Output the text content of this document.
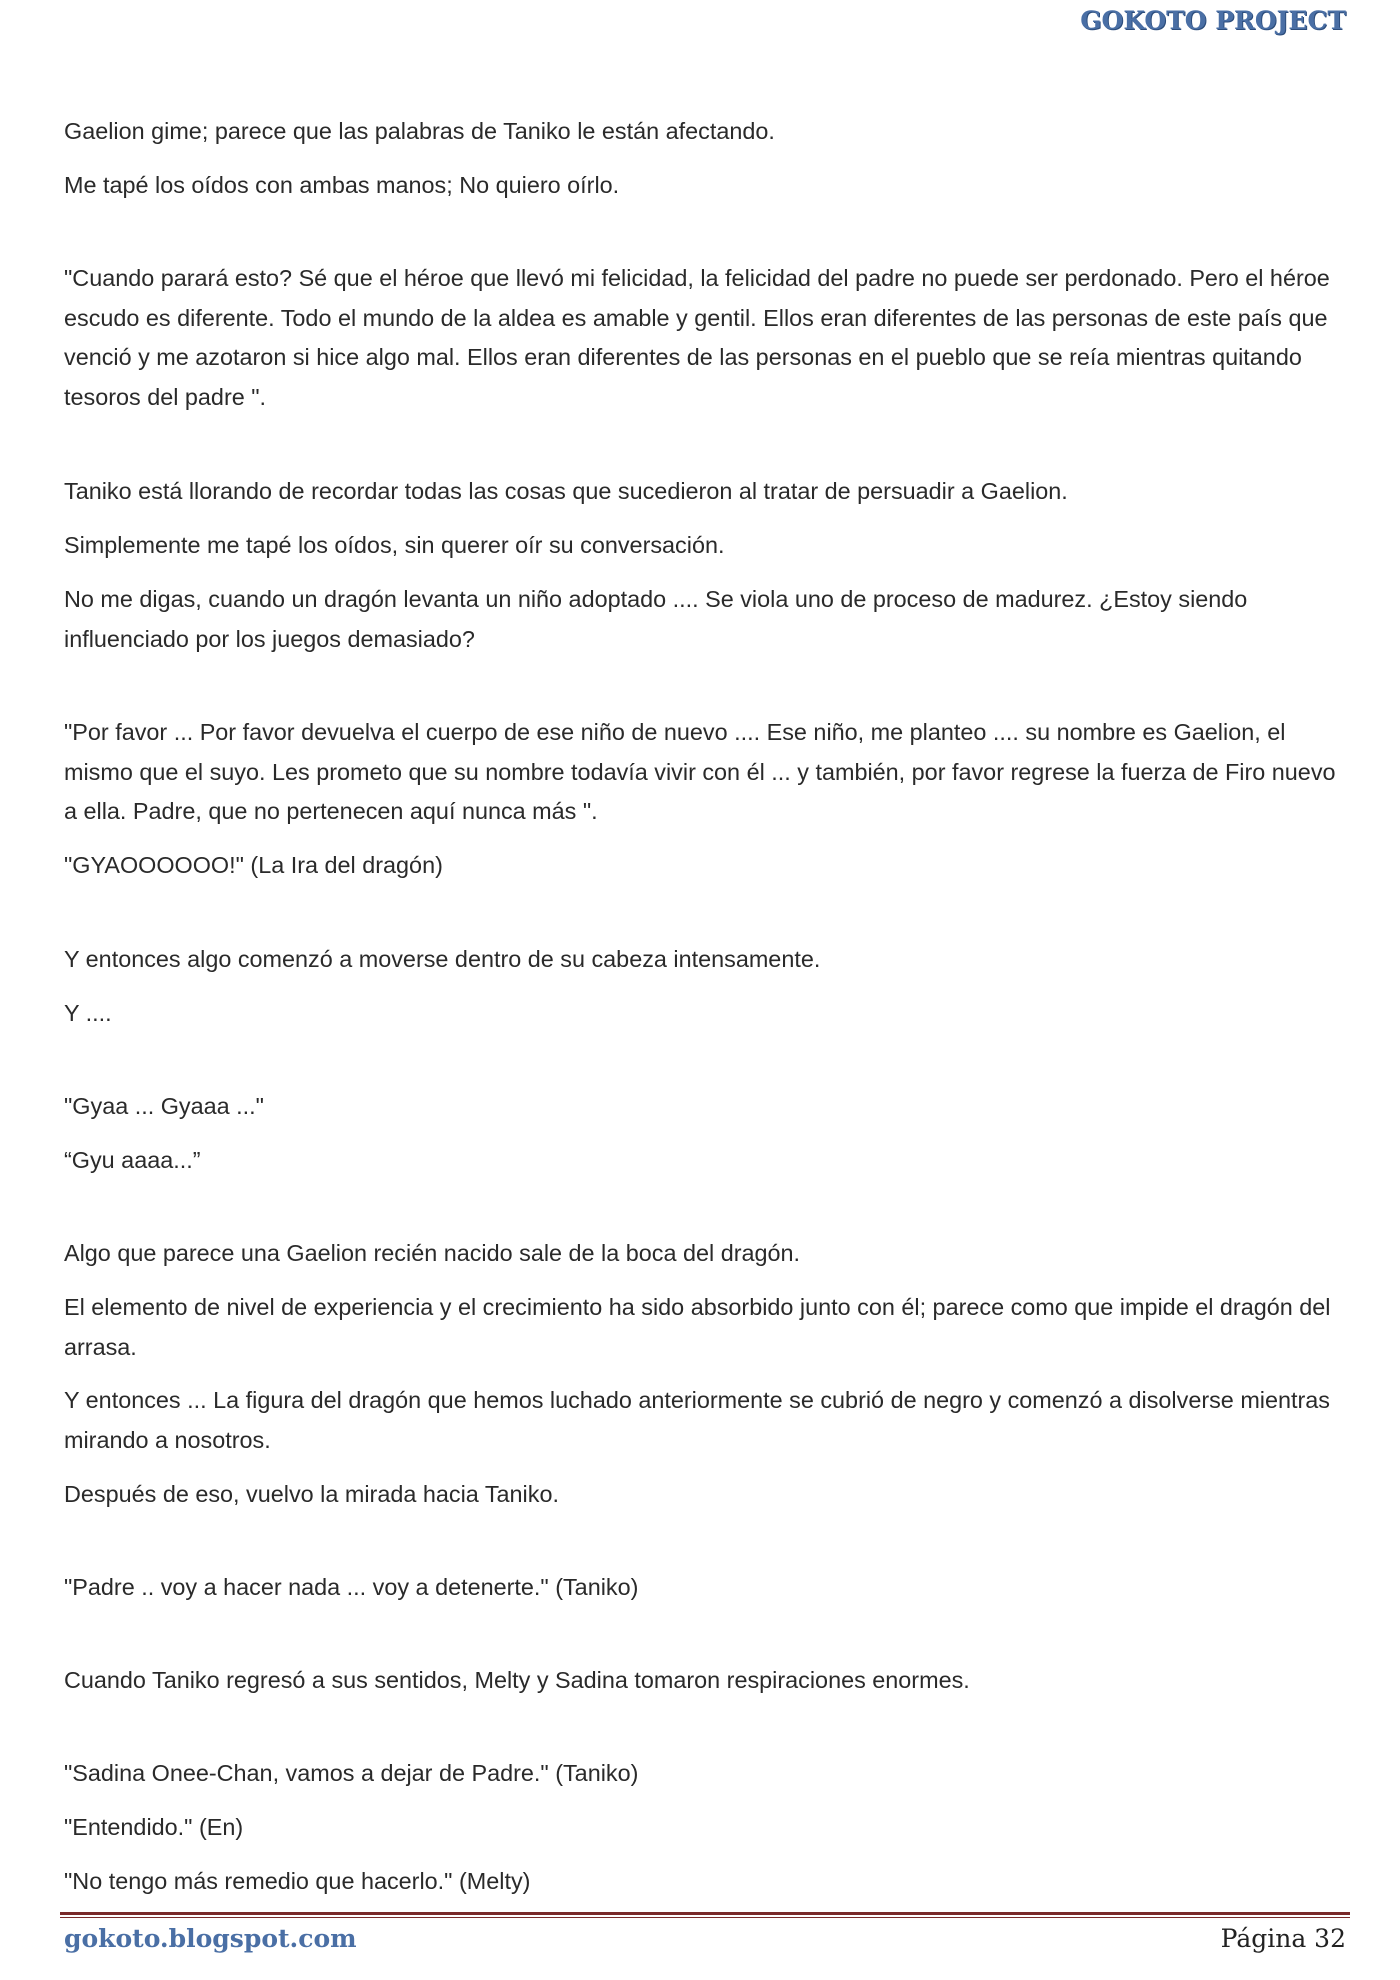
GOKOTO PROJECT

Gaelion gime; parece que las palabras de Taniko le están afectando.

Me tapé los oídos con ambas manos; No quiero oírlo.

"Cuando parará esto? Sé que el héroe que llevó mi felicidad, la felicidad del padre no puede ser perdonado. Pero el héroe escudo es diferente. Todo el mundo de la aldea es amable y gentil. Ellos eran diferentes de las personas de este país que venció y me azotaron si hice algo mal. Ellos eran diferentes de las personas en el pueblo que se reía mientras quitando tesoros del padre ".

Taniko está llorando de recordar todas las cosas que sucedieron al tratar de persuadir a Gaelion.

Simplemente me tapé los oídos, sin querer oír su conversación.

No me digas, cuando un dragón levanta un niño adoptado .... Se viola uno de proceso de madurez. ¿Estoy siendo influenciado por los juegos demasiado?

"Por favor ... Por favor devuelva el cuerpo de ese niño de nuevo .... Ese niño, me planteo .... su nombre es Gaelion, el mismo que el suyo. Les prometo que su nombre todavía vivir con él ... y también, por favor regrese la fuerza de Firo nuevo a ella. Padre, que no pertenecen aquí nunca más ".

"GYAOOOOOO!" (La Ira del dragón)

Y entonces algo comenzó a moverse dentro de su cabeza intensamente.

Y ....

"Gyaa ... Gyaaa ..."

“Gyu aaaa...”

Algo que parece una Gaelion recién nacido sale de la boca del dragón.

El elemento de nivel de experiencia y el crecimiento ha sido absorbido junto con él; parece como que impide el dragón del arrasa.

Y entonces ... La figura del dragón que hemos luchado anteriormente se cubrió de negro y comenzó a disolverse mientras mirando a nosotros.

Después de eso, vuelvo la mirada hacia Taniko.

"Padre .. voy a hacer nada ... voy a detenerte." (Taniko)

Cuando Taniko regresó a sus sentidos, Melty y Sadina tomaron respiraciones enormes.

"Sadina Onee-Chan, vamos a dejar de Padre." (Taniko)

"Entendido." (En)

"No tengo más remedio que hacerlo." (Melty)

gokoto.blogspot.com	Página 32
